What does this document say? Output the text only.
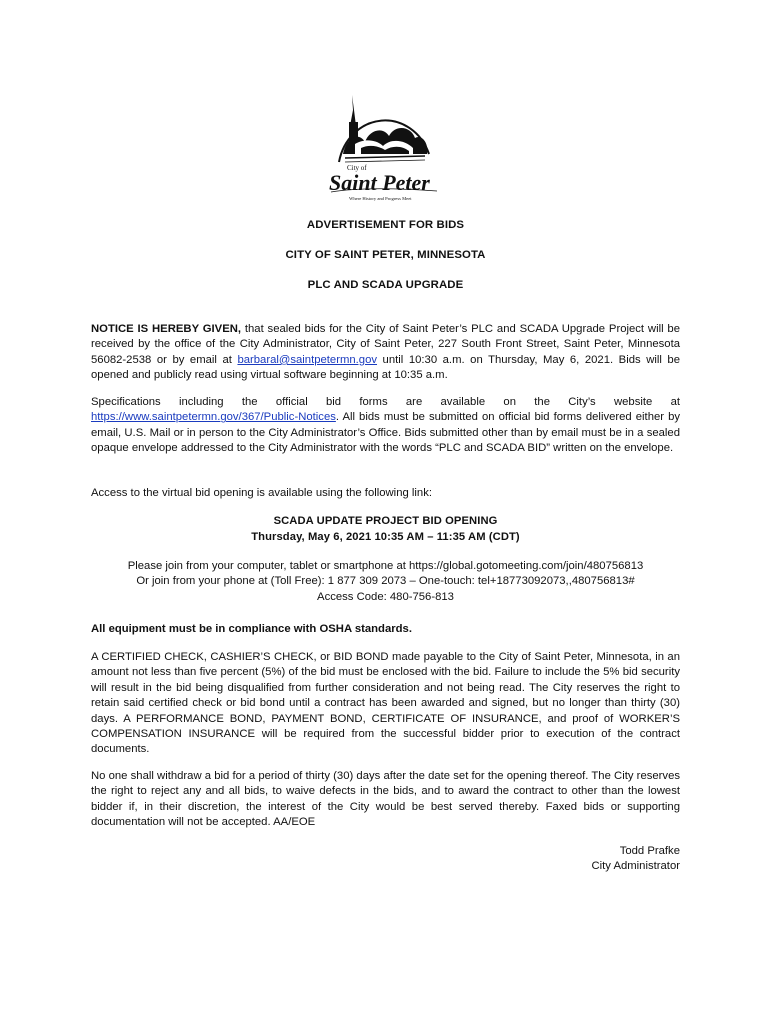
City of
Saint Peter
Where History and Progress Meet
ADVERTISEMENT FOR BIDS
CITY OF SAINT PETER, MINNESOTA
PLC AND SCADA UPGRADE
NOTICE IS HEREBY GIVEN, that sealed bids for the City of Saint Peter’s PLC and SCADA Upgrade Project will be received by the office of the City Administrator, City of Saint Peter, 227 South Front Street, Saint Peter, Minnesota 56082-2538 or by email at barbaral@saintpetermn.gov until 10:30 a.m. on Thursday, May 6, 2021. Bids will be opened and publicly read using virtual software beginning at 10:35 a.m.
Specifications including the official bid forms are available on the City’s website at https://www.saintpetermn.gov/367/Public-Notices. All bids must be submitted on official bid forms delivered either by email, U.S. Mail or in person to the City Administrator’s Office. Bids submitted other than by email must be in a sealed opaque envelope addressed to the City Administrator with the words “PLC and SCADA BID” written on the envelope.
Access to the virtual bid opening is available using the following link:
SCADA UPDATE PROJECT BID OPENING
Thursday, May 6, 2021 10:35 AM – 11:35 AM (CDT)
Please join from your computer, tablet or smartphone at https://global.gotomeeting.com/join/480756813
Or join from your phone at (Toll Free): 1 877 309 2073 – One-touch: tel+18773092073,,480756813#
Access Code: 480-756-813
All equipment must be in compliance with OSHA standards.
A CERTIFIED CHECK, CASHIER’S CHECK, or BID BOND made payable to the City of Saint Peter, Minnesota, in an amount not less than five percent (5%) of the bid must be enclosed with the bid. Failure to include the 5% bid security will result in the bid being disqualified from further consideration and not being read. The City reserves the right to retain said certified check or bid bond until a contract has been awarded and signed, but no longer than thirty (30) days. A PERFORMANCE BOND, PAYMENT BOND, CERTIFICATE OF INSURANCE, and proof of WORKER’S COMPENSATION INSURANCE will be required from the successful bidder prior to execution of the contract documents.
No one shall withdraw a bid for a period of thirty (30) days after the date set for the opening thereof. The City reserves the right to reject any and all bids, to waive defects in the bids, and to award the contract to other than the lowest bidder if, in their discretion, the interest of the City would be best served thereby. Faxed bids or supporting documentation will not be accepted. AA/EOE
Todd Prafke
City Administrator
